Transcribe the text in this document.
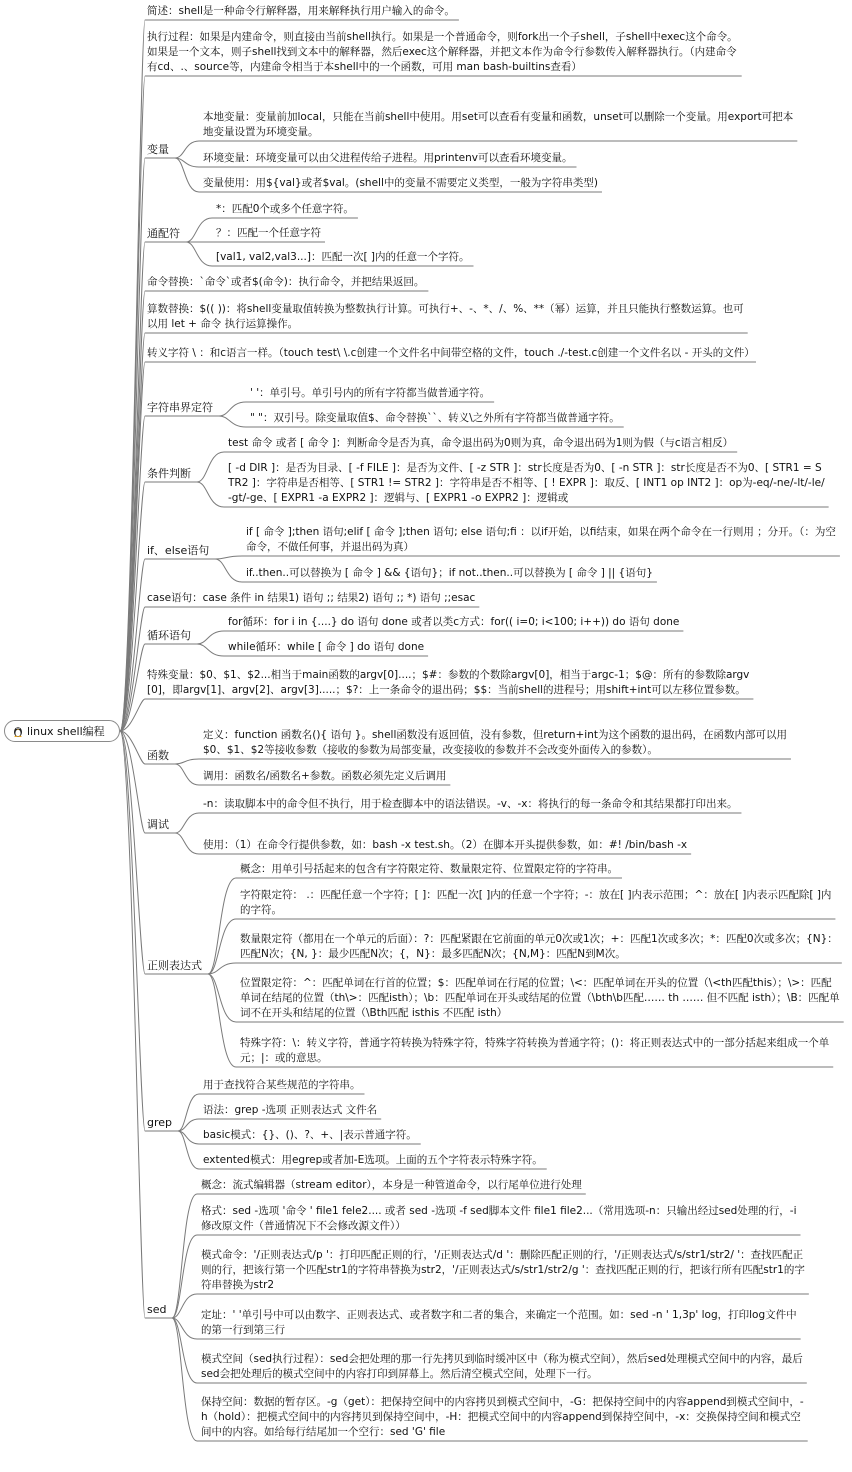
linux shell编程
简述：shell是一种命令行解释器，用来解释执行用户输入的命令。
执行过程：如果是内建命令，则直接由当前shell执行。如果是一个普通命令，则fork出一个子shell，子shell中exec这个命令。如果是一个文本，则子shell找到文本中的解释器，然后exec这个解释器，并把文本作为命令行参数传入解释器执行。（内建命令有cd、.、source等，内建命令相当于本shell中的一个函数，可用 man bash-builtins查看）
变量
本地变量：变量前加local，只能在当前shell中使用。用set可以查看有变量和函数，unset可以删除一个变量。用export可把本地变量设置为环境变量。
环境变量：环境变量可以由父进程传给子进程。用printenv可以查看环境变量。
变量使用：用${val}或者$val。(shell中的变量不需要定义类型，一般为字符串类型)
通配符
*：匹配0个或多个任意字符。
？：匹配一个任意字符
[val1, val2,val3...]：匹配一次[ ]内的任意一个字符。
命令替换：`命令`或者$(命令)：执行命令，并把结果返回。
算数替换：$(( ))：将shell变量取值转换为整数执行计算。可执行+、-、*、/、%、**（幂）运算，并且只能执行整数运算。也可以用 let + 命令 执行运算操作。
转义字符 \ ：和c语言一样。（touch test\ \.c创建一个文件名中间带空格的文件，touch ./-test.c创建一个文件名以 - 开头的文件）
字符串界定符
' '：单引号。单引号内的所有字符都当做普通字符。
" "：双引号。除变量取值$、命令替换``、转义\之外所有字符都当做普通字符。
条件判断
test 命令 或者 [ 命令 ]：判断命令是否为真，命令退出码为0则为真，命令退出码为1则为假（与c语言相反）
[ -d DIR ]：是否为目录、[ -f FILE ]：是否为文件、[ -z STR ]：str长度是否为0、[ -n STR ]：str长度是否不为0、[ STR1 = STR2 ]：字符串是否相等、[ STR1 != STR2 ]：字符串是否不相等、[ ! EXPR ]：取反、[ INT1 op INT2 ]：op为-eq/-ne/-lt/-le/-gt/-ge、[ EXPR1 -a EXPR2 ]：逻辑与、[ EXPR1 -o EXPR2 ]：逻辑或
if、else语句
if [ 命令 ];then 语句;elif [ 命令 ];then 语句; else 语句;fi ：以if开始，以fi结束，如果在两个命令在一行则用 ；分开。（：为空命令，不做任何事，并退出码为真）
if..then..可以替换为 [ 命令 ] && {语句}；if not..then..可以替换为 [ 命令 ] || {语句}
case语句：case 条件 in 结果1) 语句 ;; 结果2) 语句 ;; *) 语句 ;;esac
循环语句
for循环：for i in {....} do 语句 done 或者以类c方式：for(( i=0; i<100; i++)) do 语句 done
while循环：while [ 命令 ] do 语句 done
特殊变量：$0、$1、$2...相当于main函数的argv[0]....；$#：参数的个数除argv[0]，相当于argc-1；$@：所有的参数除argv[0]，即argv[1]、argv[2]、argv[3].....；$?：上一条命令的退出码；$$：当前shell的进程号；用shift+int可以左移位置参数。
函数
定义：function 函数名(){ 语句 }。shell函数没有返回值，没有参数，但return+int为这个函数的退出码，在函数内部可以用$0、$1、$2等接收参数（接收的参数为局部变量，改变接收的参数并不会改变外面传入的参数）。
调用：函数名/函数名+参数。函数必须先定义后调用
调试
-n：读取脚本中的命令但不执行，用于检查脚本中的语法错误。-v、-x：将执行的每一条命令和其结果都打印出来。
使用：（1）在命令行提供参数，如：bash -x test.sh。（2）在脚本开头提供参数，如：#! /bin/bash -x
正则表达式
概念：用单引号括起来的包含有字符限定符、数量限定符、位置限定符的字符串。
字符限定符： .：匹配任意一个字符；[ ]：匹配一次[ ]内的任意一个字符；-：放在[ ]内表示范围；^：放在[ ]内表示匹配除[ ]内的字符。
数量限定符（都用在一个单元的后面）：?：匹配紧跟在它前面的单元0次或1次；+：匹配1次或多次；*：匹配0次或多次；{N}：匹配N次；{N, }：最少匹配N次；{，N}：最多匹配N次；{N,M}：匹配N到M次。
位置限定符：^：匹配单词在行首的位置；$：匹配单词在行尾的位置；\<：匹配单词在开头的位置（\<th匹配this）；\>：匹配单词在结尾的位置（th\>：匹配isth）；\b：匹配单词在开头或结尾的位置（\bth\b匹配…… th …… 但不匹配 isth）；\B：匹配单词不在开头和结尾的位置（\Bth匹配 isthis 不匹配 isth）
特殊字符：\：转义字符，普通字符转换为特殊字符，特殊字符转换为普通字符；()：将正则表达式中的一部分括起来组成一个单元；|：或的意思。
grep
用于查找符合某些规范的字符串。
语法：grep -选项 正则表达式 文件名
basic模式：{}、()、?、+、|表示普通字符。
extented模式：用egrep或者加-E选项。上面的五个字符表示特殊字符。
sed
概念：流式编辑器（stream editor），本身是一种管道命令，以行尾单位进行处理
格式：sed -选项 '命令 ' file1 fele2.... 或者 sed -选项 -f sed脚本文件 file1 file2...（常用选项-n：只输出经过sed处理的行，-i修改原文件（普通情况下不会修改源文件））
模式命令：'/正则表达式/p '：打印匹配正则的行，'/正则表达式/d '：删除匹配正则的行，'/正则表达式/s/str1/str2/ '：查找匹配正则的行，把该行第一个匹配str1的字符串替换为str2，'/正则表达式/s/str1/str2/g '：查找匹配正则的行，把该行所有匹配str1的字符串替换为str2
定址：' '单引号中可以由数字、正则表达式、或者数字和二者的集合，来确定一个范围。如：sed -n ' 1,3p' log，打印log文件中的第一行到第三行
模式空间（sed执行过程）：sed会把处理的那一行先拷贝到临时缓冲区中（称为模式空间），然后sed处理模式空间中的内容，最后sed会把处理后的模式空间中的内容打印到屏幕上。然后清空模式空间，处理下一行。
保持空间：数据的暂存区。-g（get）：把保持空间中的内容拷贝到模式空间中，-G：把保持空间中的内容append到模式空间中，-h（hold）：把模式空间中的内容拷贝到保持空间中，-H：把模式空间中的内容append到保持空间中，-x：交换保持空间和模式空间中的内容。如给每行结尾加一个空行：sed 'G' file
